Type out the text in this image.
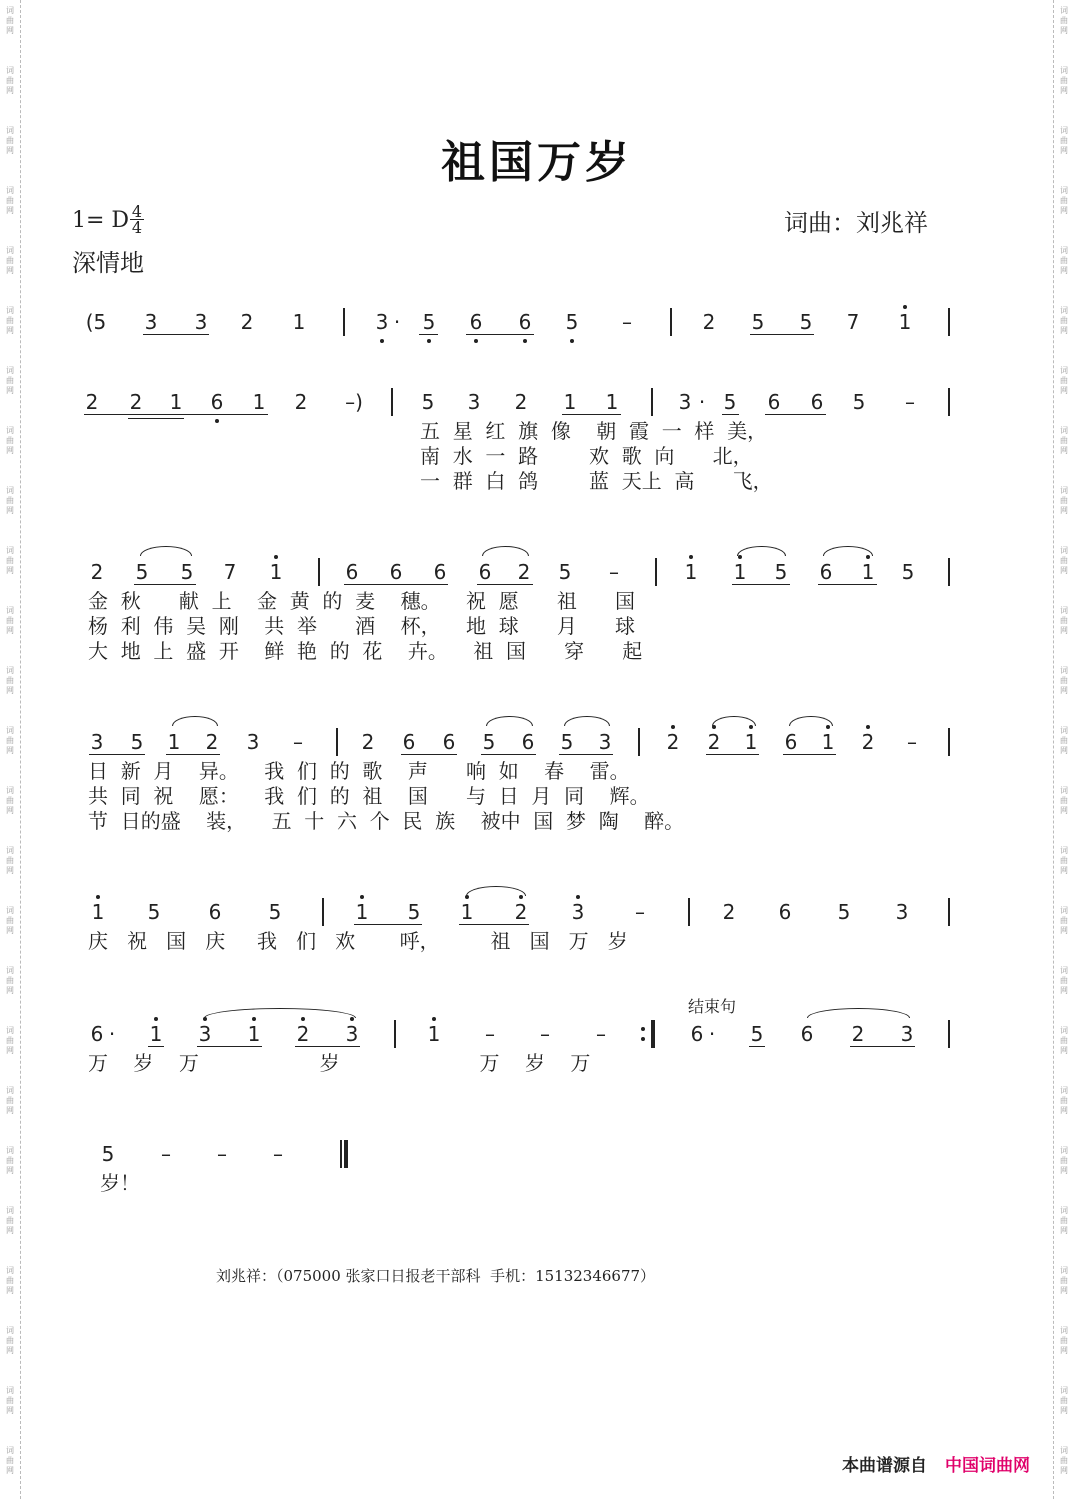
词
曲
网
词
曲
网
词
曲
网
词
曲
网
词
曲
网
词
曲
网
词
曲
网
词
曲
网
词
曲
网
词
曲
网
词
曲
网
词
曲
网
词
曲
网
词
曲
网
词
曲
网
词
曲
网
词
曲
网
词
曲
网
词
曲
网
词
曲
网
词
曲
网
词
曲
网
词
曲
网
词
曲
网
词
曲
网
词
曲
网
词
曲
网
词
曲
网
词
曲
网
词
曲
网
词
曲
网
词
曲
网
词
曲
网
词
曲
网
词
曲
网
词
曲
网
词
曲
网
词
曲
网
词
曲
网
词
曲
网
词
曲
网
词
曲
网
词
曲
网
词
曲
网
词
曲
网
词
曲
网
词
曲
网
词
曲
网
词
曲
网
词
曲
网
祖国万岁
1= D 4
4
深情地
词曲：刘兆祥
(5	3	3	2	1	3 ·	5	6	6	5	–	2	5	5	7	1
2	2	1	6	1	2	–)	5	3	2	1	1	3 · 5	6	6	5	–
2	5	5	7	1	6	6	6	6	2	5	–	1	1	5	6	1	5
3	5	1	2	3	–	2	6	6	5	6	5	3	2	2	1	6	1	2	–
1	5	6	5	1	5	1	2	3	–	2	6	5	3
6 ·	1	3	1	2	3	1	–	–	–	6 ·	5	6	2	3
5	–	–	–
五  星  红  旗  像    朝  霞  一  样  美，
南  水  一  路        欢  歌  向      北，
一  群  白  鸽        蓝  天上  高      飞，
金  秋      献  上    金  黄  的  麦    穗。    祝  愿      祖      国
杨  利  伟  吴  刚    共  举      酒    杯，    地  球      月      球
大  地  上  盛  开    鲜  艳  的  花    卉。    祖  国      穿      起
日  新  月    异。    我  们  的  歌    声      响  如    春    雷。
共  同  祝    愿：    我  们  的  祖    国      与  日  月  同    辉。
节  日的盛    装，    五  十  六  个  民  族    被中  国  梦  陶    醉。
庆   祝   国   庆     我   们   欢       呼，        祖   国   万   岁
万    岁    万                   岁                      万    岁    万
岁！
结束句
刘兆祥：（075000 张家口日报老干部科  手机：15132346677）
本曲谱源自 中国词曲网
